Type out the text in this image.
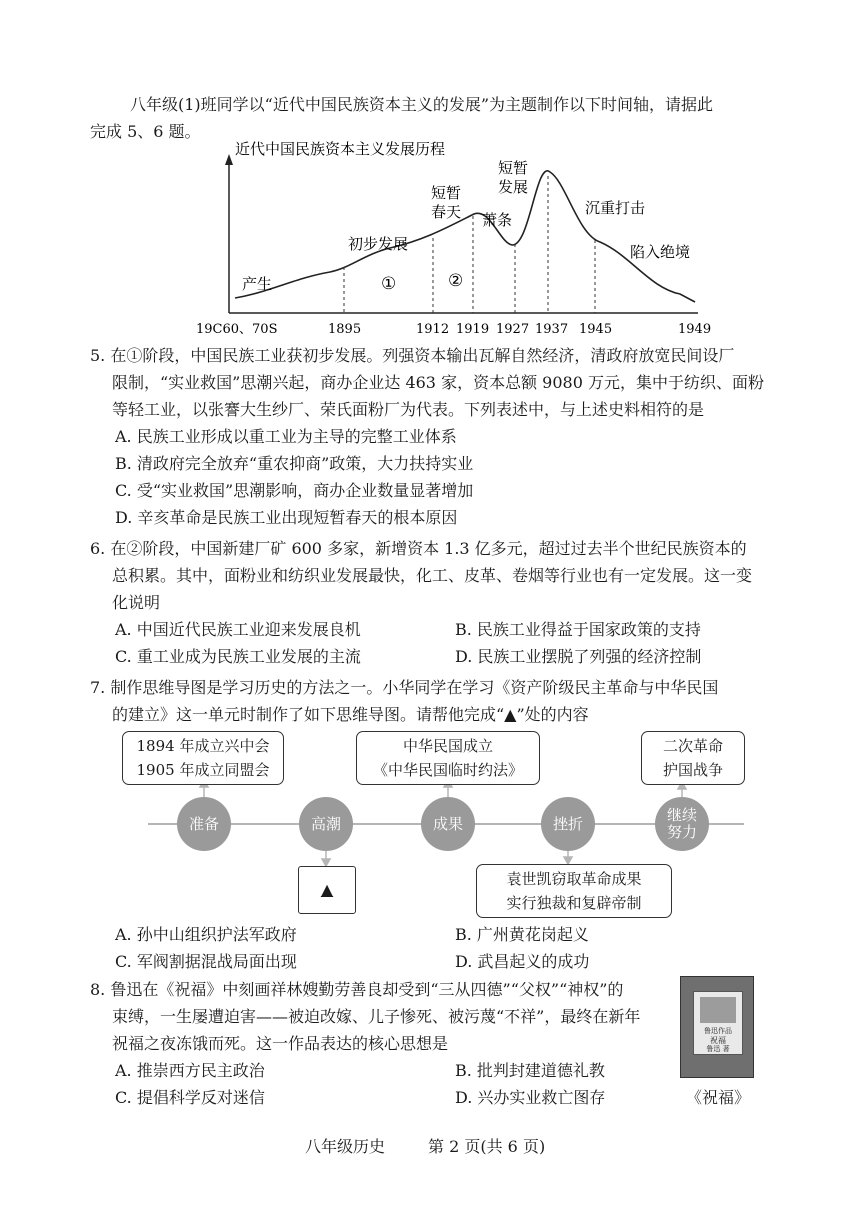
八年级(1)班同学以“近代中国民族资本主义的发展”为主题制作以下时间轴，请据此
完成 5、6 题。
近代中国民族资本主义发展历程
产生
初步发展
短暂
春天 萧条
短暂
发展
沉重打击
陷入绝境
①	②
19C60、70S	1895	1912 1919 1927 1937 1945	1949
5. 在①阶段，中国民族工业获初步发展。列强资本输出瓦解自然经济，清政府放宽民间设厂
限制，“实业救国”思潮兴起，商办企业达 463 家，资本总额 9080 万元，集中于纺织、面粉
等轻工业，以张謇大生纱厂、荣氏面粉厂为代表。下列表述中，与上述史料相符的是
A. 民族工业形成以重工业为主导的完整工业体系
B. 清政府完全放弃“重农抑商”政策，大力扶持实业
C. 受“实业救国”思潮影响，商办企业数量显著增加
D. 辛亥革命是民族工业出现短暂春天的根本原因
6. 在②阶段，中国新建厂矿 600 多家，新增资本 1.3 亿多元，超过过去半个世纪民族资本的
总积累。其中，面粉业和纺织业发展最快，化工、皮革、卷烟等行业也有一定发展。这一变
化说明
A. 中国近代民族工业迎来发展良机	B. 民族工业得益于国家政策的支持
C. 重工业成为民族工业发展的主流	D. 民族工业摆脱了列强的经济控制
7. 制作思维导图是学习历史的方法之一。小华同学在学习《资产阶级民主革命与中华民国
的建立》这一单元时制作了如下思维导图。请帮他完成“▲”处的内容
1894 年成立兴中会
1905 年成立同盟会
中华民国成立
《中华民国临时约法》
二次革命
护国战争
准备	高潮	成果	挫折	继续
努力
▲
袁世凯窃取革命成果
实行独裁和复辟帝制
A. 孙中山组织护法军政府	B. 广州黄花岗起义
C. 军阀割据混战局面出现	D. 武昌起义的成功
8. 鲁迅在《祝福》中刻画祥林嫂勤劳善良却受到“三从四德”“父权”“神权”的
束缚，一生屡遭迫害——被迫改嫁、儿子惨死、被污蔑“不祥”，最终在新年
祝福之夜冻饿而死。这一作品表达的核心思想是
A. 推崇西方民主政治	B. 批判封建道德礼教
C. 提倡科学反对迷信	D. 兴办实业救亡图存
鲁迅作品
祝福
鲁迅 著
《祝福》
八年级历史	第 2 页(共 6 页)
